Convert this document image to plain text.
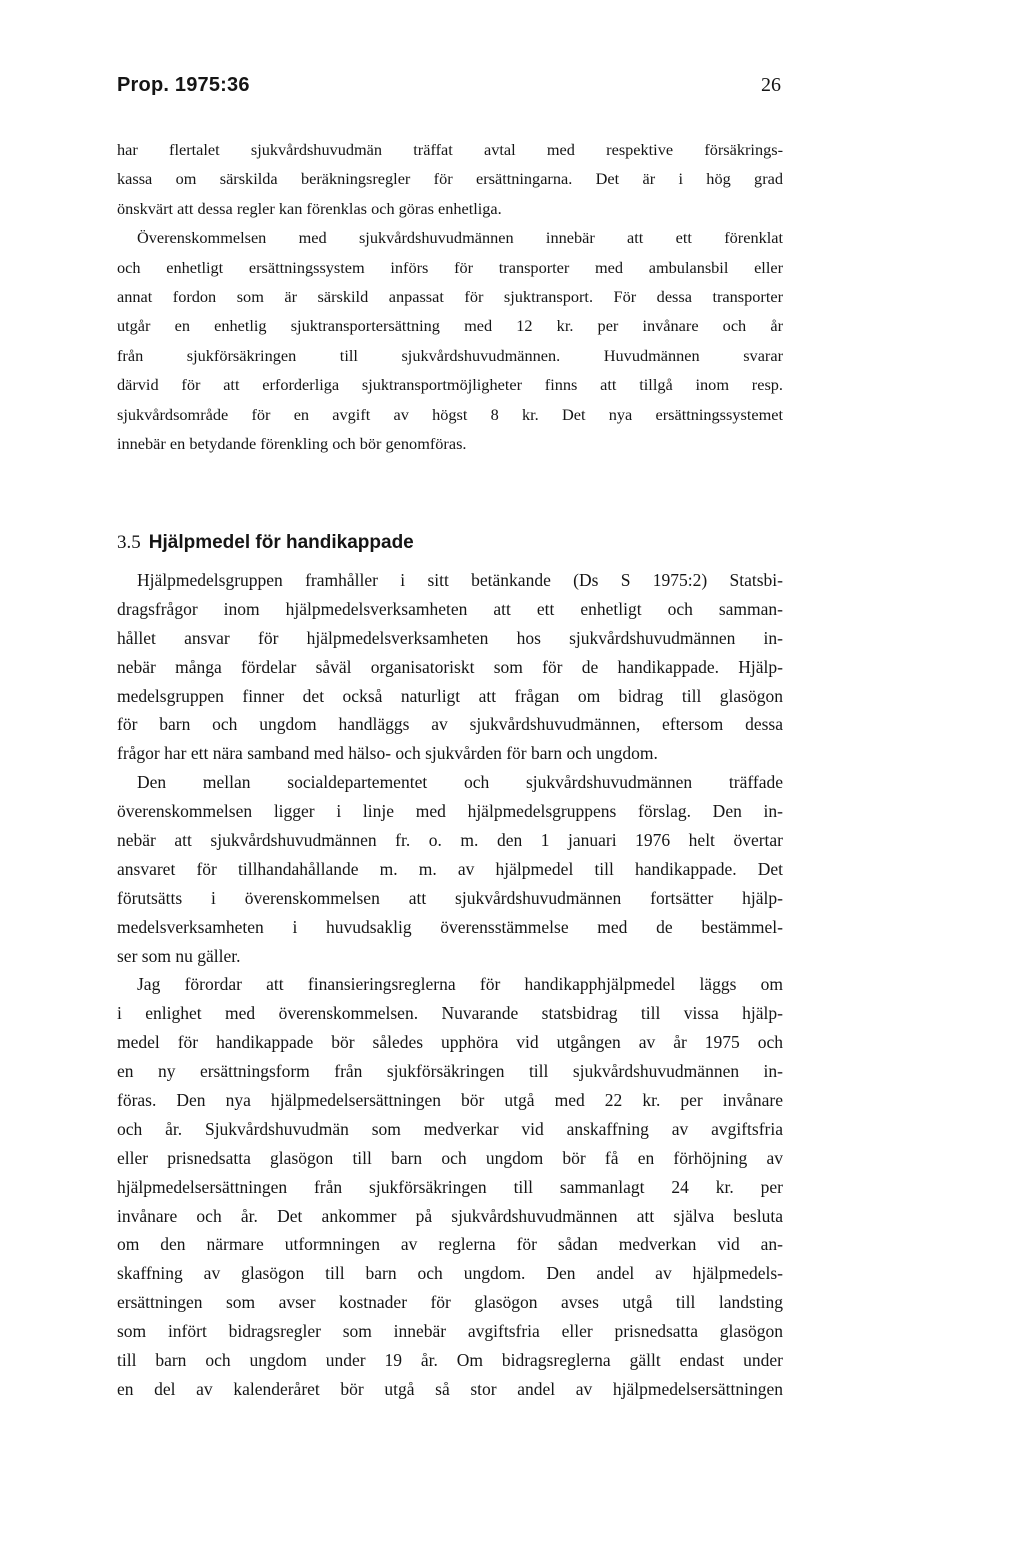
Prop. 1975:36	26
har flertalet sjukvårdshuvudmän träffat avtal med respektive försäkrings-
kassa om särskilda beräkningsregler för ersättningarna. Det är i hög grad
önskvärt att dessa regler kan förenklas och göras enhetliga.
Överenskommelsen med sjukvårdshuvudmännen innebär att ett förenklat
och enhetligt ersättningssystem införs för transporter med ambulansbil eller
annat fordon som är särskild anpassat för sjuktransport. För dessa transporter
utgår en enhetlig sjuktransportersättning med 12 kr. per invånare och år
från sjukförsäkringen till sjukvårdshuvudmännen. Huvudmännen svarar
därvid för att erforderliga sjuktransportmöjligheter finns att tillgå inom resp.
sjukvårdsområde för en avgift av högst 8 kr. Det nya ersättningssystemet
innebär en betydande förenkling och bör genomföras.
3.5 Hjälpmedel för handikappade
Hjälpmedelsgruppen framhåller i sitt betänkande (Ds S 1975:2) Statsbi-
dragsfrågor inom hjälpmedelsverksamheten att ett enhetligt och samman-
hållet ansvar för hjälpmedelsverksamheten hos sjukvårdshuvudmännen in-
nebär många fördelar såväl organisatoriskt som för de handikappade. Hjälp-
medelsgruppen finner det också naturligt att frågan om bidrag till glasögon
för barn och ungdom handläggs av sjukvårdshuvudmännen, eftersom dessa
frågor har ett nära samband med hälso- och sjukvården för barn och ungdom.
Den mellan socialdepartementet och sjukvårdshuvudmännen träffade
överenskommelsen ligger i linje med hjälpmedelsgruppens förslag. Den in-
nebär att sjukvårdshuvudmännen fr. o. m. den 1 januari 1976 helt övertar
ansvaret för tillhandahållande m. m. av hjälpmedel till handikappade. Det
förutsätts i överenskommelsen att sjukvårdshuvudmännen fortsätter hjälp-
medelsverksamheten i huvudsaklig överensstämmelse med de bestämmel-
ser som nu gäller.
Jag förordar att finansieringsreglerna för handikapphjälpmedel läggs om
i enlighet med överenskommelsen. Nuvarande statsbidrag till vissa hjälp-
medel för handikappade bör således upphöra vid utgången av år 1975 och
en ny ersättningsform från sjukförsäkringen till sjukvårdshuvudmännen in-
föras. Den nya hjälpmedelsersättningen bör utgå med 22 kr. per invånare
och år. Sjukvårdshuvudmän som medverkar vid anskaffning av avgiftsfria
eller prisnedsatta glasögon till barn och ungdom bör få en förhöjning av
hjälpmedelsersättningen från sjukförsäkringen till sammanlagt 24 kr. per
invånare och år. Det ankommer på sjukvårdshuvudmännen att själva besluta
om den närmare utformningen av reglerna för sådan medverkan vid an-
skaffning av glasögon till barn och ungdom. Den andel av hjälpmedels-
ersättningen som avser kostnader för glasögon avses utgå till landsting
som infört bidragsregler som innebär avgiftsfria eller prisnedsatta glasögon
till barn och ungdom under 19 år. Om bidragsreglerna gällt endast under
en del av kalenderåret bör utgå så stor andel av hjälpmedelsersättningen
